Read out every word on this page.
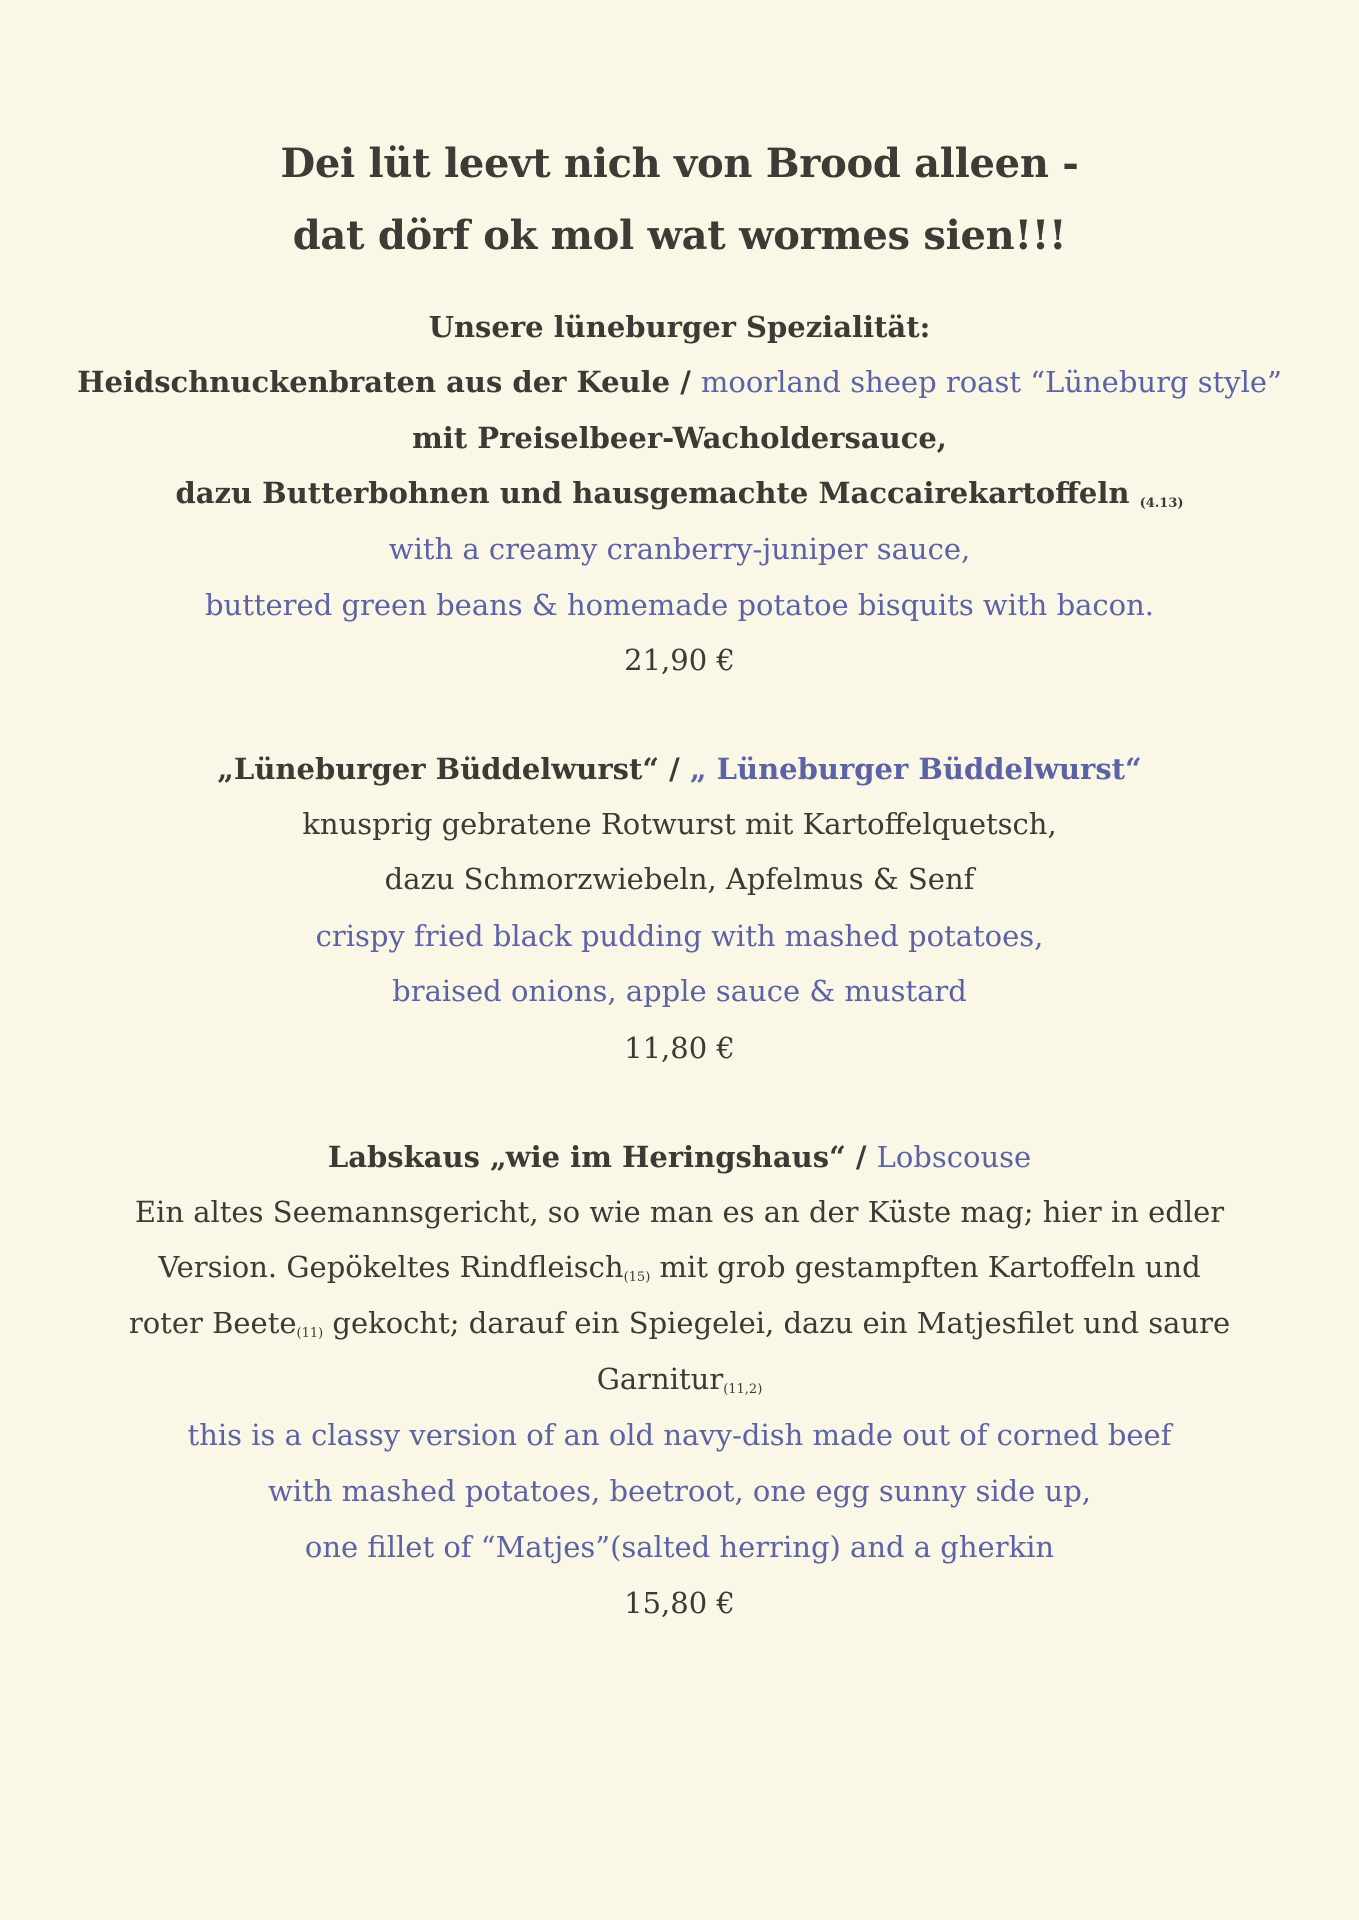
Dei lüt leevt nich von Brood alleen -
dat dörf ok mol wat wormes sien!!!
Unsere lüneburger Spezialität:
Heidschnuckenbraten aus der Keule / moorland sheep roast “Lüneburg style”
mit Preiselbeer-Wacholdersauce,
dazu Butterbohnen und hausgemachte Maccairekartoffeln $_{(4.13)}$
with a creamy cranberry-juniper sauce,
buttered green beans & homemade potatoe bisquits with bacon.
21,90 €
„Lüneburger Büddelwurst“ / „ Lüneburger Büddelwurst“
knusprig gebratene Rotwurst mit Kartoffelquetsch,
dazu Schmorzwiebeln, Apfelmus & Senf
crispy fried black pudding with mashed potatoes,
braised onions, apple sauce & mustard
11,80 €
Labskaus „wie im Heringshaus“ / Lobscouse
Ein altes Seemannsgericht, so wie man es an der Küste mag; hier in edler
Version. Gepökeltes Rindfleisch$_{(15)}$ mit grob gestampften Kartoffeln und
roter Beete$_{(11)}$ gekocht; darauf ein Spiegelei, dazu ein Matjesfilet und saure
Garnitur$_{(11,2)}$
this is a classy version of an old navy-dish made out of corned beef
with mashed potatoes, beetroot, one egg sunny side up,
one fillet of “Matjes”(salted herring) and a gherkin
15,80 €
